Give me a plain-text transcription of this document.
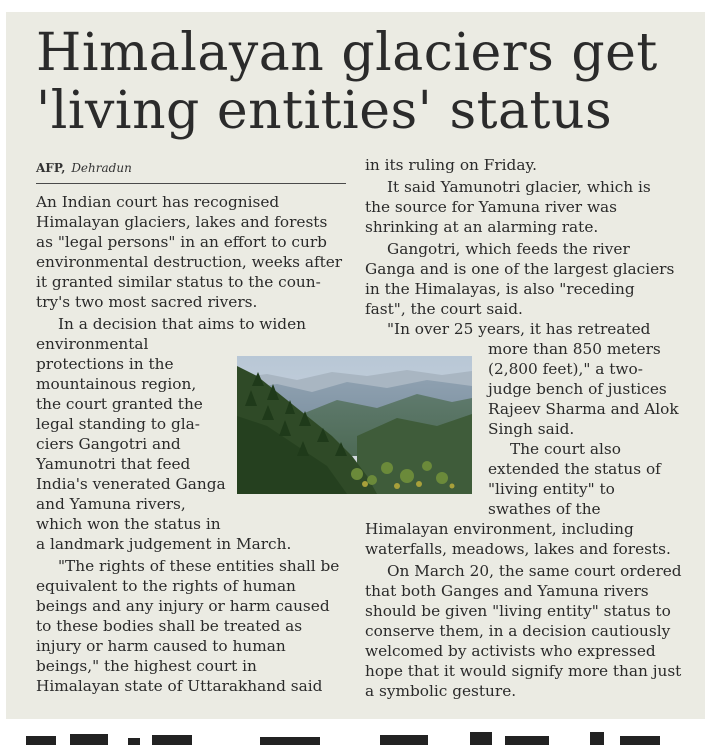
Himalayan glaciers get
'living entities' status
AFP, Dehradun
An Indian court has recognised
Himalayan glaciers, lakes and forests
as "legal persons" in an effort to curb
environmental destruction, weeks after
it granted similar status to the coun-
try's two most sacred rivers.
In a decision that aims to widen
environmental
protections in the
mountainous region,
the court granted the
legal standing to gla-
ciers Gangotri and
Yamunotri that feed
India's venerated Ganga
and Yamuna rivers,
which won the status in
a landmark judgement in March.
"The rights of these entities shall be
equivalent to the rights of human
beings and any injury or harm caused
to these bodies shall be treated as
injury or harm caused to human
beings," the highest court in
Himalayan state of Uttarakhand said
in its ruling on Friday.
It said Yamunotri glacier, which is
the source for Yamuna river was
shrinking at an alarming rate.
Gangotri, which feeds the river
Ganga and is one of the largest glaciers
in the Himalayas, is also "receding
fast", the court said.
"In over 25 years, it has retreated
more than 850 meters
(2,800 feet)," a two-
judge bench of justices
Rajeev Sharma and Alok
Singh said.
The court also
extended the status of
"living entity" to
swathes of the
Himalayan environment, including
waterfalls, meadows, lakes and forests.
On March 20, the same court ordered
that both Ganges and Yamuna rivers
should be given "living entity" status to
conserve them, in a decision cautiously
welcomed by activists who expressed
hope that it would signify more than just
a symbolic gesture.
